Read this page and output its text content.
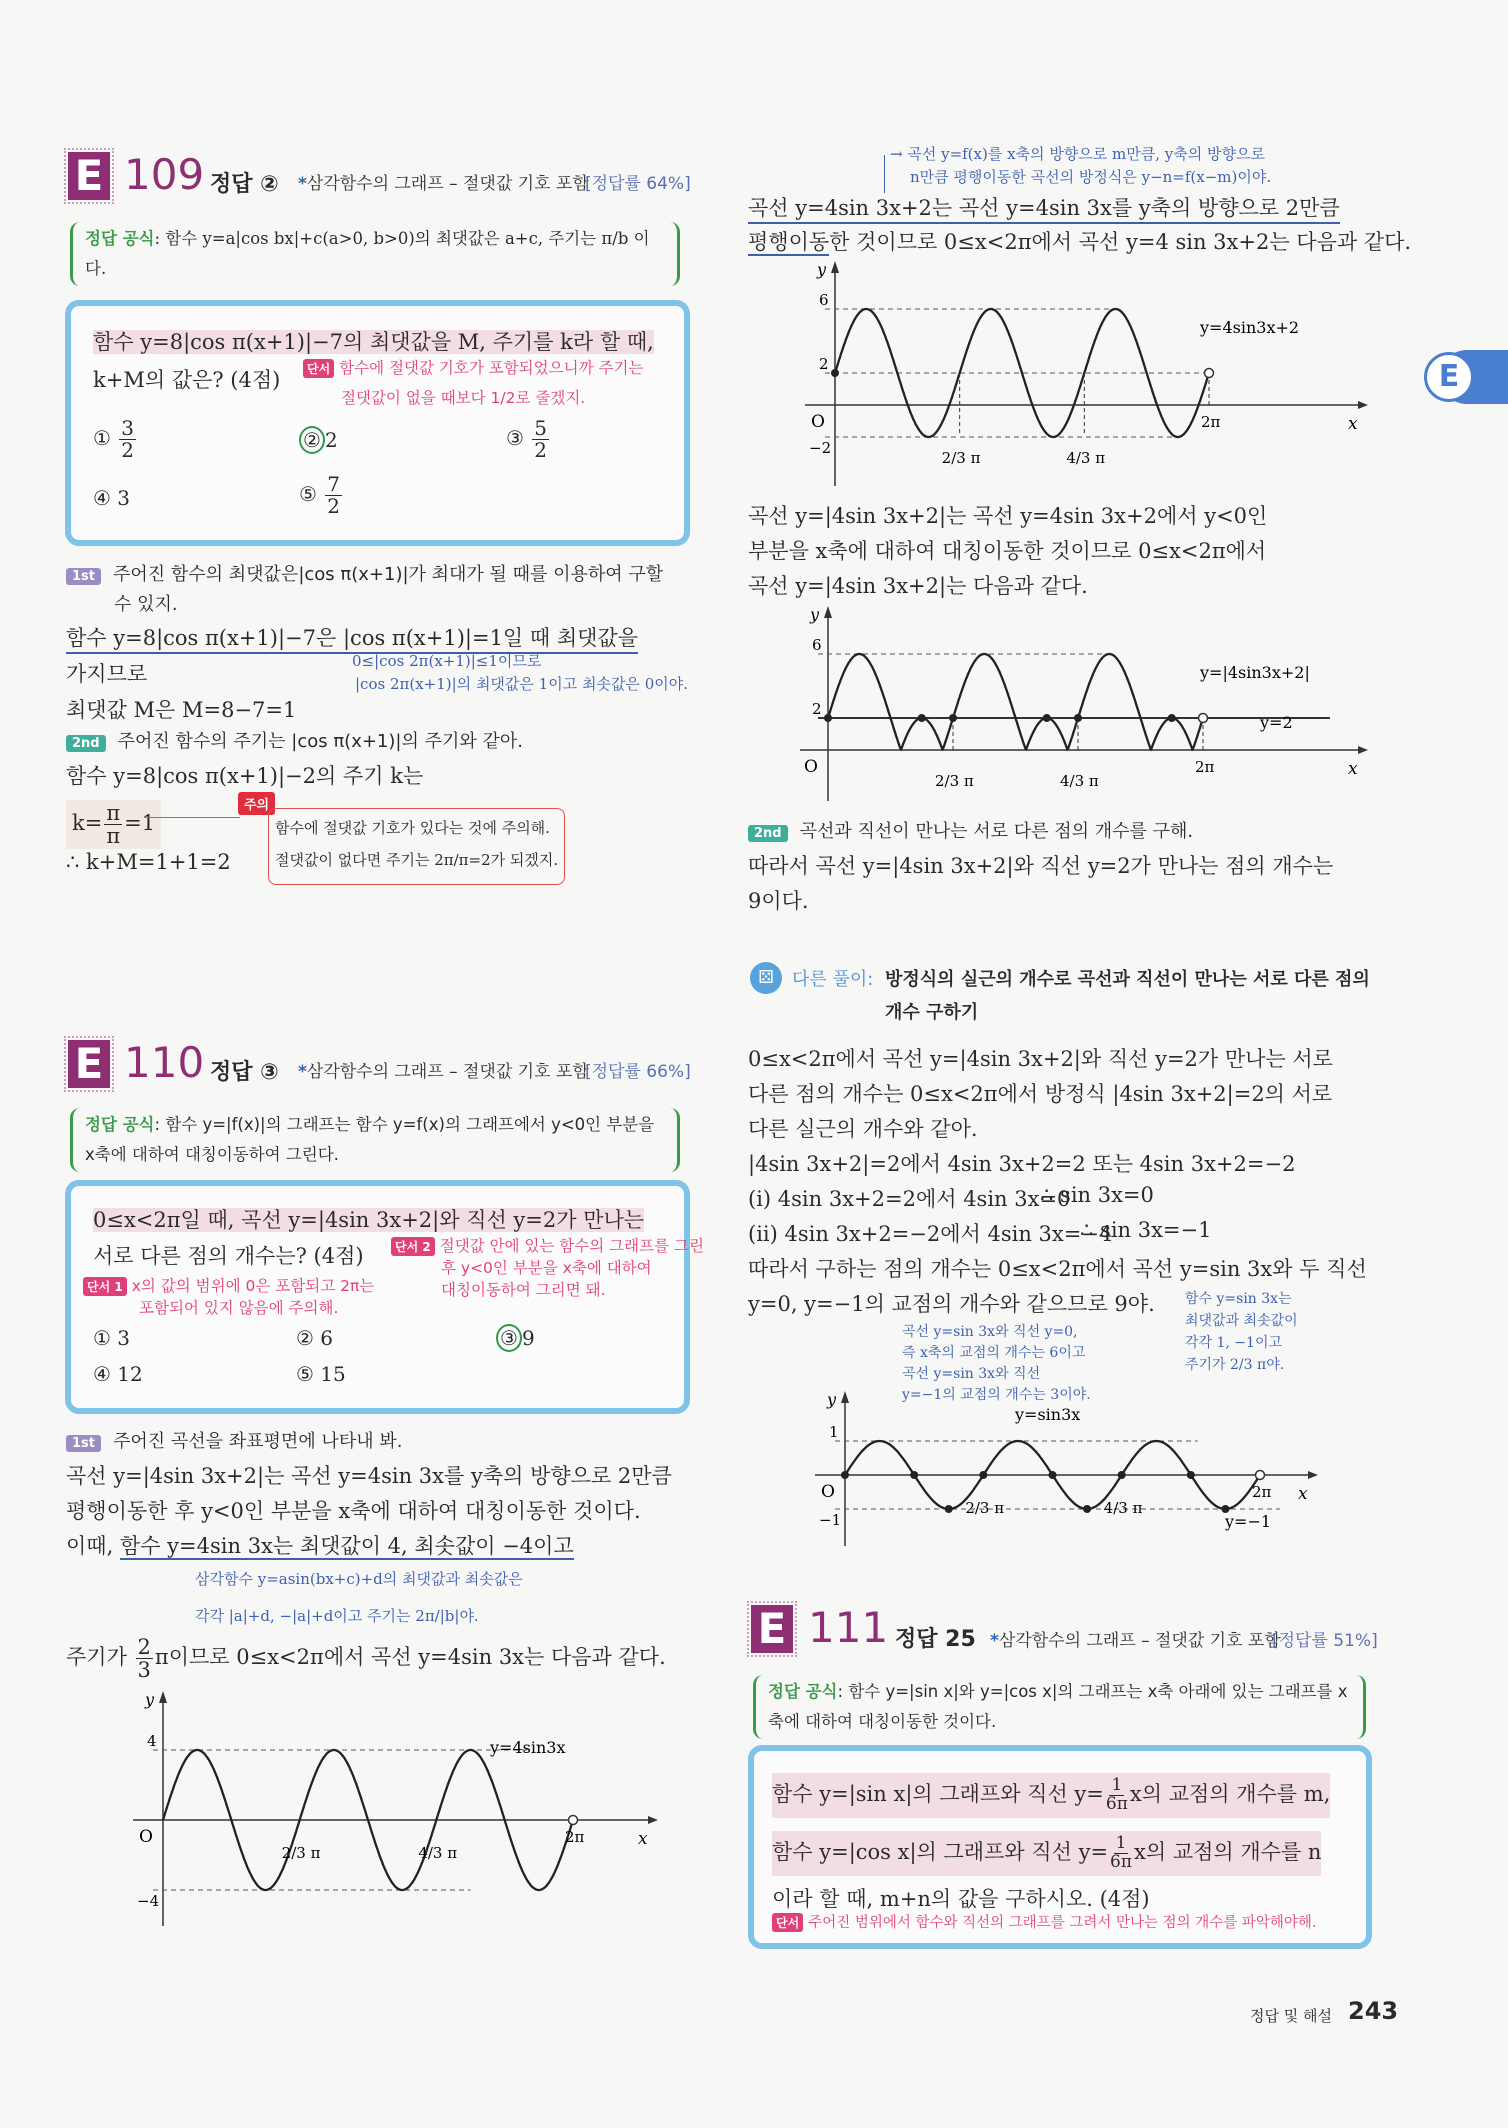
E
E 109 정답 ② *삼각함수의 그래프 – 절댓값 기호 포함
[정답률 64%]
정답 공식: 함수 y=a|cos bx|+c(a>0, b>0)의 최댓값은 a+c, 주기는 π/b 이다.
함수 y=8|cos π(x+1)|−7의 최댓값을 M, 주기를 k라 할 때,
k+M의 값은? (4점)	단서 함수에 절댓값 기호가 포함되었으니까 주기는
절댓값이 없을 때보다 1/2로 줄겠지.
① $\frac{3}{2}$	② 2	③ $\frac{5}{2}$
④ 3	⑤ $\frac{7}{2}$
1st 주어진 함수의 최댓값은|cos π(x+1)|가 최대가 될 때를 이용하여 구할
수 있지.
함수 y=8|cos π(x+1)|−7은 |cos π(x+1)|=1일 때 최댓값을
가지므로
0≤|cos 2π(x+1)|≤1이므로
|cos 2π(x+1)|의 최댓값은 1이고 최솟값은 0이야.
최댓값 M은 M=8−7=1
2nd 주어진 함수의 주기는 |cos π(x+1)|의 주기와 같아.
함수 y=8|cos π(x+1)|−2의 주기 k는
$k= \frac{\pi}{\pi} =1$
주의
함수에 절댓값 기호가 있다는 것에 주의해.
절댓값이 없다면 주기는 2π/π=2가 되겠지.
∴ k+M=1+1=2
E 110 정답 ③ *삼각함수의 그래프 – 절댓값 기호 포함
[정답률 66%]
정답 공식: 함수 y=|f(x)|의 그래프는 함수 y=f(x)의 그래프에서 y<0인 부분을 x축에 대하여 대칭이동하여 그린다.
0≤x<2π일 때, 곡선 y=|4sin 3x+2|와 직선 y=2가 만나는
서로 다른 점의 개수는? (4점)
단서 1 x의 값의 범위에 0은 포함되고 2π는
포함되어 있지 않음에 주의해.
단서 2 절댓값 안에 있는 함수의 그래프를 그린
후 y<0인 부분을 x축에 대하여
대칭이동하여 그리면 돼.
① 3	② 6	③ 9
④ 12	⑤ 15
1st 주어진 곡선을 좌표평면에 나타내 봐.
곡선 y=|4sin 3x+2|는 곡선 y=4sin 3x를 y축의 방향으로 2만큼
평행이동한 후 y<0인 부분을 x축에 대하여 대칭이동한 것이다.
이때, 함수 y=4sin 3x는 최댓값이 4, 최솟값이 −4이고
삼각함수 y=asin(bx+c)+d의 최댓값과 최솟값은
각각 |a|+d, −|a|+d이고 주기는 2π/|b|야.
주기가 $\frac{2}{3}$ π이므로 0≤x<2π에서 곡선 y=4sin 3x는 다음과 같다.
y
x
O
4
−4
2/3 π	4/3 π
2π
y=4sin3x
→ 곡선 y=f(x)를 x축의 방향으로 m만큼, y축의 방향으로
n만큼 평행이동한 곡선의 방정식은 y−n=f(x−m)이야.
곡선 y=4sin 3x+2는 곡선 y=4sin 3x를 y축의 방향으로 2만큼
평행이동한 것이므로 0≤x<2π에서 곡선 y=4 sin 3x+2는 다음과 같다.
y
x
O
6
2
−2
2/3 π	4/3 π
2π
y=4sin3x+2
곡선 y=|4sin 3x+2|는 곡선 y=4sin 3x+2에서 y<0인
부분을 x축에 대하여 대칭이동한 것이므로 0≤x<2π에서
곡선 y=|4sin 3x+2|는 다음과 같다.
y
x
O
6
2
2/3 π	4/3 π
2π
y=|4sin3x+2|
y=2
2nd 곡선과 직선이 만나는 서로 다른 점의 개수를 구해.
따라서 곡선 y=|4sin 3x+2|와 직선 y=2가 만나는 점의 개수는
9이다.
⚄	다른 풀이: 방정식의 실근의 개수로 곡선과 직선이 만나는 서로 다른 점의
개수 구하기
0≤x<2π에서 곡선 y=|4sin 3x+2|와 직선 y=2가 만나는 서로
다른 점의 개수는 0≤x<2π에서 방정식 |4sin 3x+2|=2의 서로
다른 실근의 개수와 같아.
|4sin 3x+2|=2에서 4sin 3x+2=2 또는 4sin 3x+2=−2
(i) 4sin 3x+2=2에서 4sin 3x=0
∴ sin 3x=0
(ii) 4sin 3x+2=−2에서 4sin 3x=−4
∴ sin 3x=−1
따라서 구하는 점의 개수는 0≤x<2π에서 곡선 y=sin 3x와 두 직선
y=0, y=−1의 교점의 개수와 같으므로 9야.
곡선 y=sin 3x와 직선 y=0,
즉 x축의 교점의 개수는 6이고
곡선 y=sin 3x와 직선
y=−1의 교점의 개수는 3이야.
함수 y=sin 3x는
최댓값과 최솟값이
각각 1, −1이고
주기가 2/3 π야.
y
x
O
1
−1
2/3 π	4/3 π
2π
y=sin3x
y=−1
E 111 정답 25 *삼각함수의 그래프 – 절댓값 기호 포함
[정답률 51%]
정답 공식: 함수 y=|sin x|와 y=|cos x|의 그래프는 x축 아래에 있는 그래프를 x축에 대하여 대칭이동한 것이다.
함수 y=|sin x|의 그래프와 직선 $y= \frac{1}{6\pi}$ x의 교점의 개수를 m,
함수 y=|cos x|의 그래프와 직선 $y= \frac{1}{6\pi}$ x의 교점의 개수를 n
이라 할 때, m+n의 값을 구하시오. (4점)
단서 주어진 범위에서 함수와 직선의 그래프를 그려서 만나는 점의 개수를 파악해야해.
정답 및 해설 243
